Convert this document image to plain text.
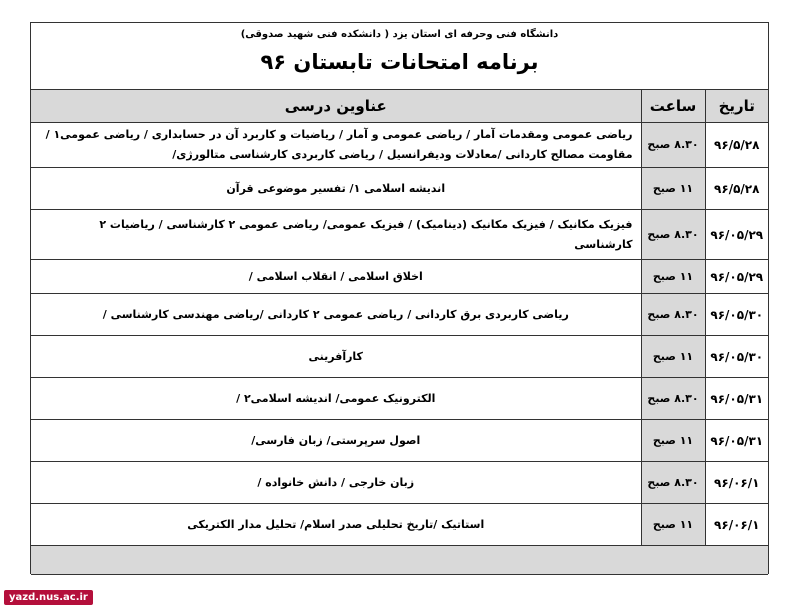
دانشگاه فنی وحرفه ای استان یزد ( دانشکده فنی شهید صدوقی)
برنامه امتحانات تابستان ۹۶
تاریخ	ساعت	عناوین درسی
۹۶/۵/۲۸	۸.۳۰ صبح	ریاضی عمومی ومقدمات آمار / ریاضی عمومی و آمار / ریاضیات و کاربرد آن در حسابداری / ریاضی عمومی۱ / مقاومت مصالح کاردانی /معادلات ودیفرانسیل / ریاضی کاربردی کارشناسی متالورژی/
۹۶/۵/۲۸	۱۱ صبح	اندیشه اسلامی ۱/ تفسیر موضوعی قرآن
۹۶/۰۵/۲۹	۸.۳۰ صبح	فیزیک مکانیک / فیزیک مکانیک (دینامیک) / فیزیک عمومی/ ریاضی عمومی ۲ کارشناسی / ریاضیات ۲ کارشناسی
۹۶/۰۵/۲۹	۱۱ صبح	اخلاق اسلامی / انقلاب اسلامی /
۹۶/۰۵/۳۰	۸.۳۰ صبح	ریاضی کاربردی برق کاردانی / ریاضی عمومی ۲ کاردانی /ریاضی مهندسی کارشناسی /
۹۶/۰۵/۳۰	۱۱ صبح	کارآفرینی
۹۶/۰۵/۳۱	۸.۳۰ صبح	الکترونیک عمومی/ اندیشه اسلامی۲ /
۹۶/۰۵/۳۱	۱۱ صبح	اصول سرپرستی/ زبان فارسی/
۹۶/۰۶/۱	۸.۳۰ صبح	زبان خارجی / دانش خانواده /
۹۶/۰۶/۱	۱۱ صبح	استاتیک /تاریخ تحلیلی صدر اسلام/ تحلیل مدار الکتریکی

yazd.nus.ac.ir
